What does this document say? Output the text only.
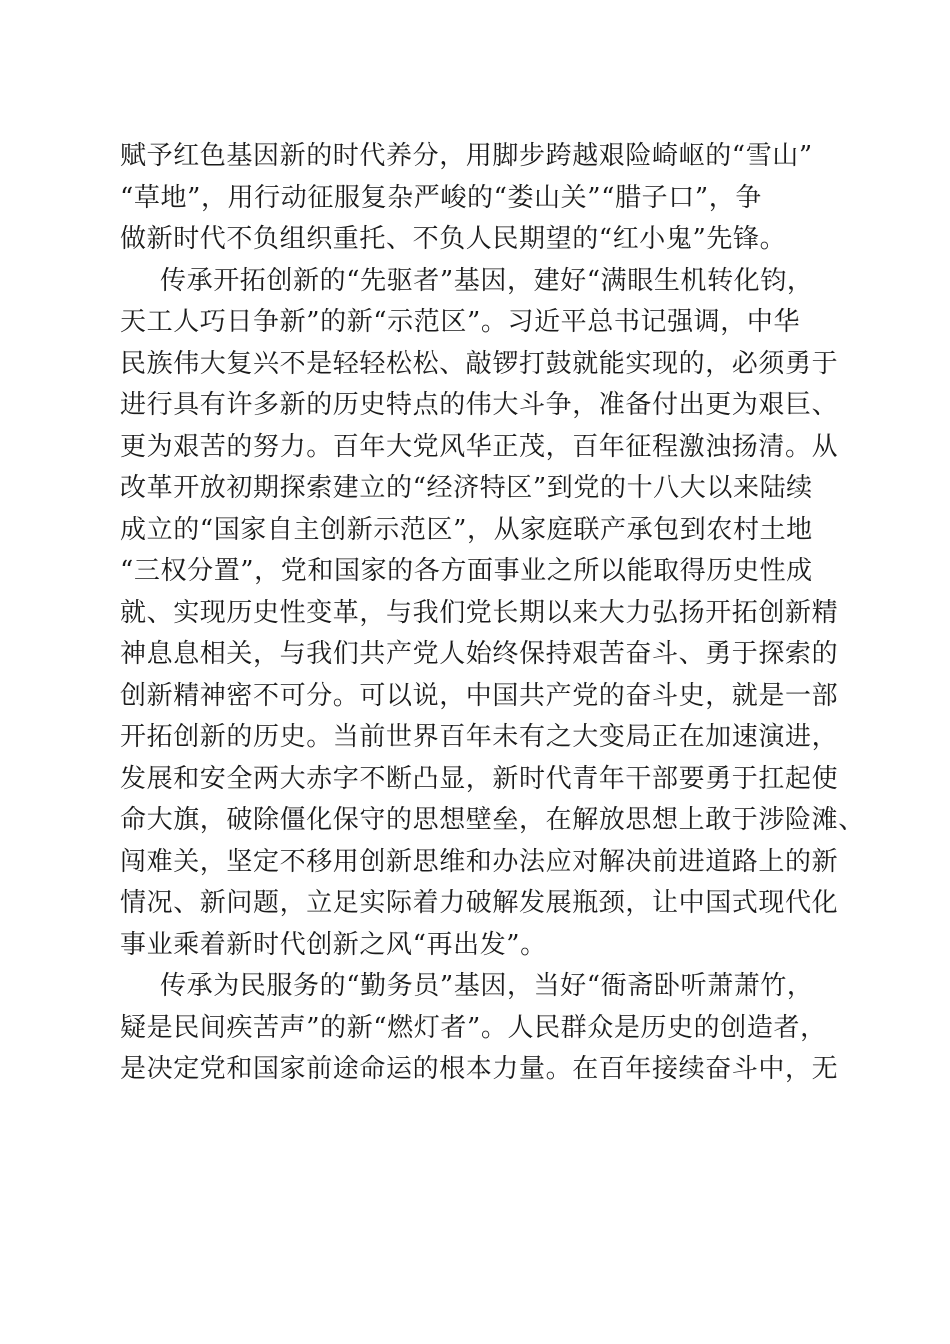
赋予红色基因新的时代养分，用脚步跨越艰险崎岖的“雪山”
“草地”，用行动征服复杂严峻的“娄山关”“腊子口”，争
做新时代不负组织重托、不负人民期望的“红小鬼”先锋。
传承开拓创新的“先驱者”基因，建好“满眼生机转化钧，
天工人巧日争新”的新“示范区”。习近平总书记强调，中华
民族伟大复兴不是轻轻松松、敲锣打鼓就能实现的，必须勇于
进行具有许多新的历史特点的伟大斗争，准备付出更为艰巨、
更为艰苦的努力。百年大党风华正茂，百年征程激浊扬清。从
改革开放初期探索建立的“经济特区”到党的十八大以来陆续
成立的“国家自主创新示范区”，从家庭联产承包到农村土地
“三权分置”，党和国家的各方面事业之所以能取得历史性成
就、实现历史性变革，与我们党长期以来大力弘扬开拓创新精
神息息相关，与我们共产党人始终保持艰苦奋斗、勇于探索的
创新精神密不可分。可以说，中国共产党的奋斗史，就是一部
开拓创新的历史。当前世界百年未有之大变局正在加速演进，
发展和安全两大赤字不断凸显，新时代青年干部要勇于扛起使
命大旗，破除僵化保守的思想壁垒，在解放思想上敢于涉险滩、
闯难关，坚定不移用创新思维和办法应对解决前进道路上的新
情况、新问题，立足实际着力破解发展瓶颈，让中国式现代化
事业乘着新时代创新之风“再出发”。
传承为民服务的“勤务员”基因，当好“衙斋卧听萧萧竹，
疑是民间疾苦声”的新“燃灯者”。人民群众是历史的创造者，
是决定党和国家前途命运的根本力量。在百年接续奋斗中，无
